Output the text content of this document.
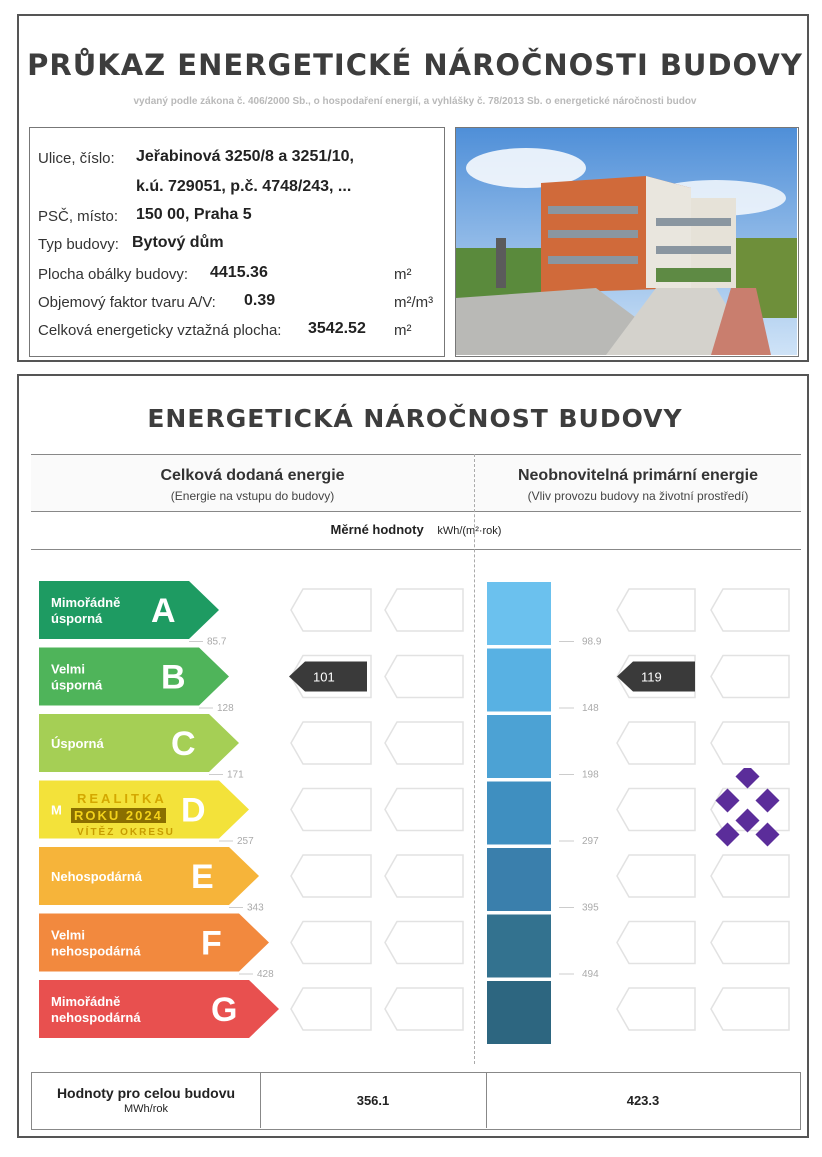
PRŮKAZ ENERGETICKÉ NÁROČNOSTI BUDOVY
vydaný podle zákona č. 406/2000 Sb., o hospodaření energií, a vyhlášky č. 78/2013 Sb. o energetické náročnosti budov
Ulice, číslo: Jeřabinová 3250/8 a 3251/10,
k.ú. 729051, p.č. 4748/243, ...
PSČ, místo: 150 00, Praha 5
Typ budovy: Bytový dům
Plocha obálky budovy: 4415.36	m²
Objemový faktor tvaru A/V: 0.39	m²/m³
Celková energeticky vztažná plocha: 3542.52 m²
ENERGETICKÁ NÁROČNOST BUDOVY
Celková dodaná energie
(Energie na vstupu do budovy)
Neobnovitelná primární energie
(Vliv provozu budovy na životní prostředí)
Měrné hodnoty kWh/(m²·rok)
Mimořádně
úsporná A
Velmi
úsporná B
Úsporná C
M	D
Nehospodárná E
Velmi
nehospodárná F
Mimořádně
nehospodárná G
85.7
128
171
257
343
428
98.9
148
198
297
395
494
101	119
REALITKA
ROKU 2024
VÍTĚZ OKRESU
Hodnoty pro celou budovu
MWh/rok
356.1	423.3
